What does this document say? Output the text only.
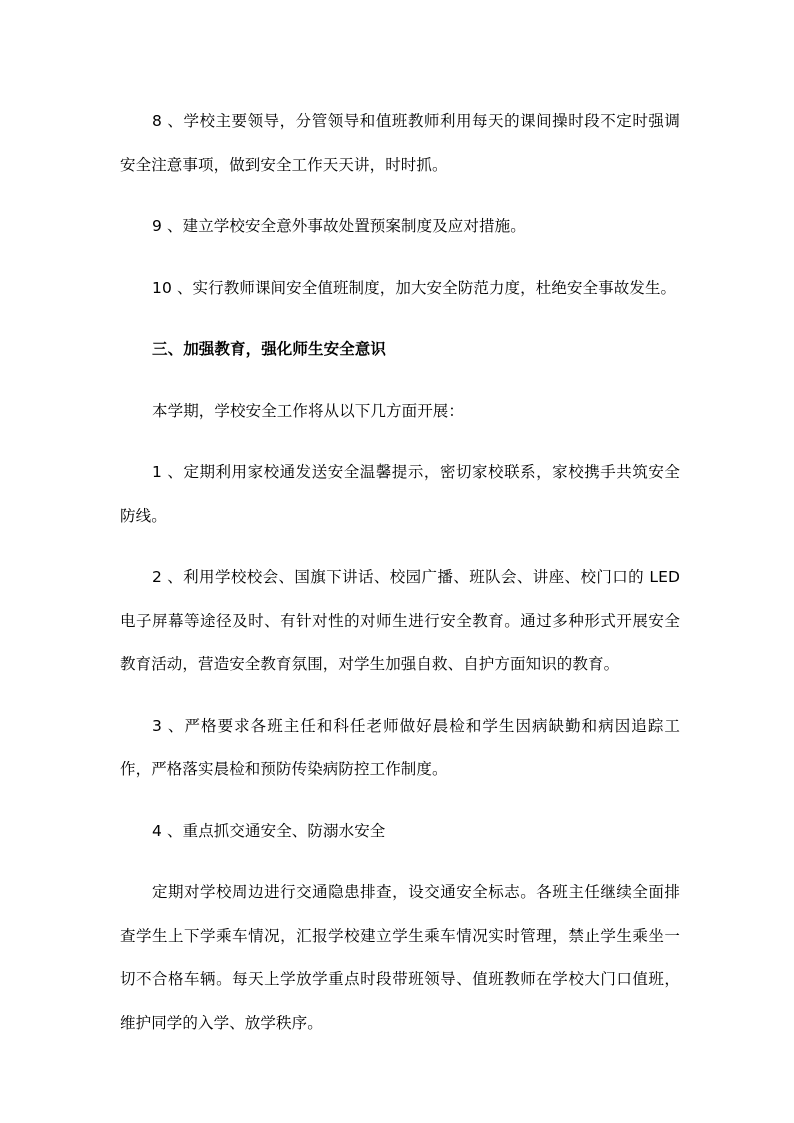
8 、学校主要领导，分管领导和值班教师利用每天的课间操时段不定时强调安全注意事项，做到安全工作天天讲，时时抓。

9 、建立学校安全意外事故处置预案制度及应对措施。

10 、实行教师课间安全值班制度，加大安全防范力度，杜绝安全事故发生。

三、加强教育，强化师生安全意识

本学期，学校安全工作将从以下几方面开展：

1 、定期利用家校通发送安全温馨提示，密切家校联系，家校携手共筑安全防线。

2 、利用学校校会、国旗下讲话、校园广播、班队会、讲座、校门口的 LED 电子屏幕等途径及时、有针对性的对师生进行安全教育。通过多种形式开展安全教育活动，营造安全教育氛围，对学生加强自救、自护方面知识的教育。

3 、严格要求各班主任和科任老师做好晨检和学生因病缺勤和病因追踪工作，严格落实晨检和预防传染病防控工作制度。

4 、重点抓交通安全、防溺水安全

定期对学校周边进行交通隐患排查，设交通安全标志。各班主任继续全面排查学生上下学乘车情况，汇报学校建立学生乘车情况实时管理，禁止学生乘坐一切不合格车辆。每天上学放学重点时段带班领导、值班教师在学校大门口值班，维护同学的入学、放学秩序。
